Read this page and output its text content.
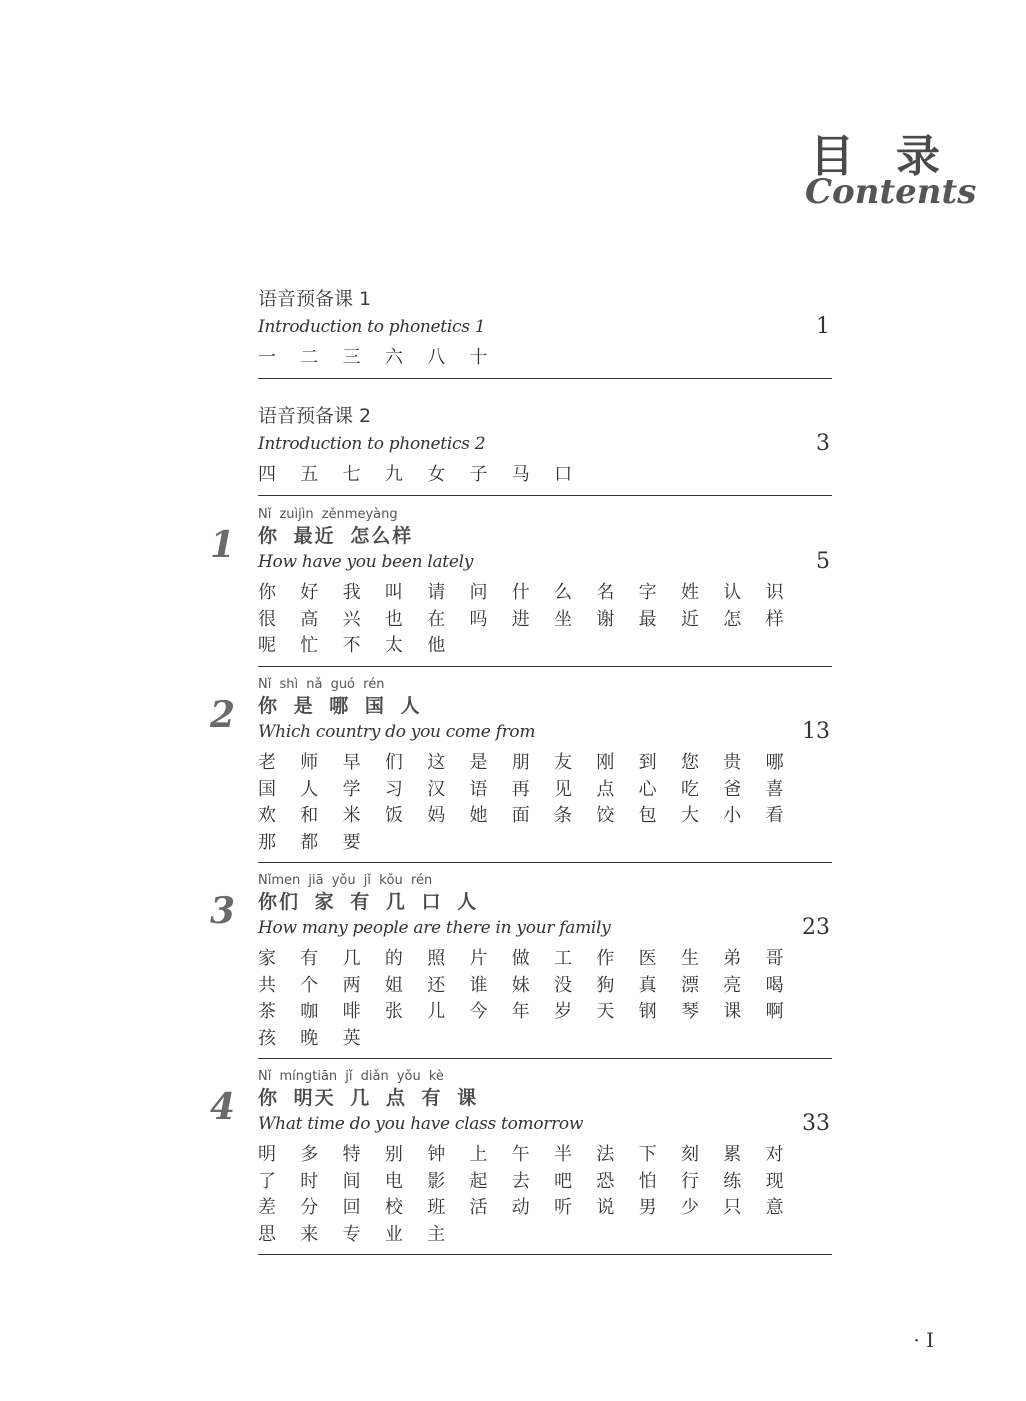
目 录
Contents
语音预备课 1
Introduction to phonetics 1	1
一	二	三	六	八	十
语音预备课 2
Introduction to phonetics 2	3
四	五	七	九	女	子	马	口
1
Nǐ zuìjìn zěnmeyàng
你 最近 怎么样
How have you been lately	5
你	好	我	叫	请	问	什	么	名	字	姓	认	识
很	高	兴	也	在	吗	进	坐	谢	最	近	怎	样
呢	忙	不	太	他
2
Nǐ shì nǎ guó rén
你 是 哪 国 人
Which country do you come from	13
老	师	早	们	这	是	朋	友	刚	到	您	贵	哪
国	人	学	习	汉	语	再	见	点	心	吃	爸	喜
欢	和	米	饭	妈	她	面	条	饺	包	大	小	看
那	都	要
3
Nǐmen jiā yǒu jǐ kǒu rén
你们 家 有 几 口 人
How many people are there in your family	23
家	有	几	的	照	片	做	工	作	医	生	弟	哥
共	个	两	姐	还	谁	妹	没	狗	真	漂	亮	喝
茶	咖	啡	张	儿	今	年	岁	天	钢	琴	课	啊
孩	晚	英
4
Nǐ míngtiān jǐ diǎn yǒu kè
你 明天 几 点 有 课
What time do you have class tomorrow	33
明	多	特	别	钟	上	午	半	法	下	刻	累	对
了	时	间	电	影	起	去	吧	恐	怕	行	练	现
差	分	回	校	班	活	动	听	说	男	少	只	意
思	来	专	业	主
· I
